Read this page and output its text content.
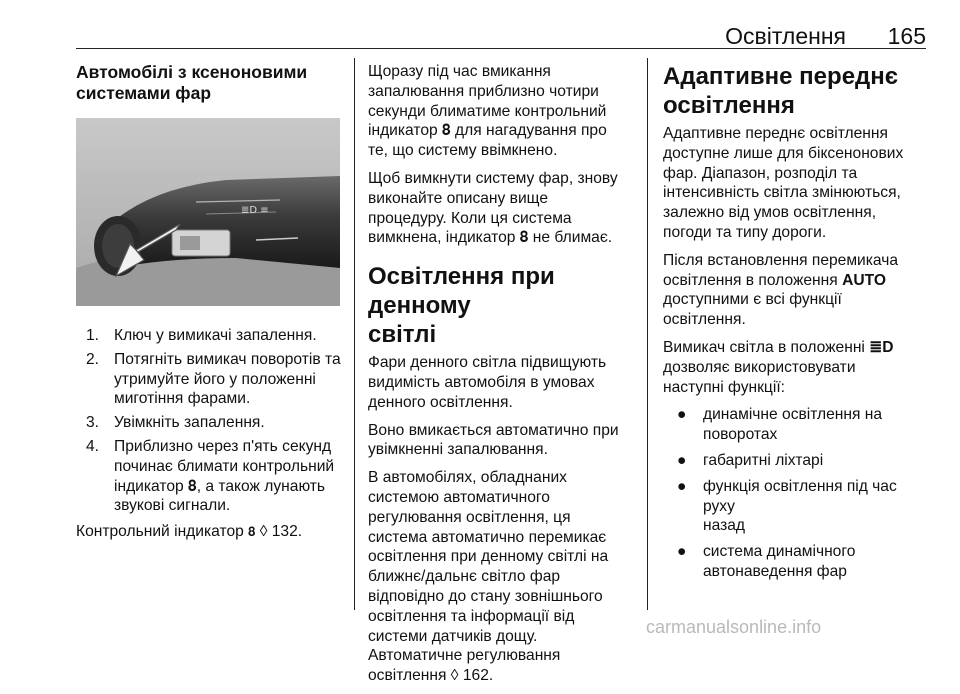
Освітлення 165
Автомобілі з ксеноновими
системами фар
≣D ≡
1. Ключ у вимикачі запалення.
2. Потягніть вимикач поворотів та
утримуйте його у положенні
миготіння фарами.
3. Увімкніть запалення.
4. Приблизно через п'ять секунд
починає блимати контрольний
індикатор 𝟖, а також лунають
звукові сигнали.

Контрольний індикатор 𝟖 ◊ 132.

Щоразу під час вмикання
запалювання приблизно чотири
секунди блиматиме контрольний
індикатор 𝟖 для нагадування про
те, що систему ввімкнено.

Щоб вимкнути систему фар, знову
виконайте описану вище
процедуру. Коли ця система
вимкнена, індикатор 𝟖 не блимає.

Освітлення при денному
світлі

Фари денного світла підвищують
видимість автомобіля в умовах
денного освітлення.

Воно вмикається автоматично при
увімкненні запалювання.

В автомобілях, обладнаних
системою автоматичного
регулювання освітлення, ця
система автоматично перемикає
освітлення при денному світлі на
ближнє/дальнє світло фар
відповідно до стану зовнішнього
освітлення та інформації від
системи датчиків дощу.

Автоматичне регулювання
освітлення ◊ 162.

Адаптивне переднє
освітлення

Адаптивне переднє освітлення
доступне лише для біксенонових
фар. Діапазон, розподіл та
інтенсивність світла змінюються,
залежно від умов освітлення,
погоди та типу дороги.

Після встановлення перемикача
освітлення в положення AUTO
доступними є всі функції
освітлення.

Вимикач світла в положенні ≣D
дозволяє використовувати
наступні функції:

● динамічне освітлення на
поворотах
● габаритні ліхтарі
● функція освітлення під час руху
назад
● система динамічного
автонаведення фар
carmanualsonline.info
